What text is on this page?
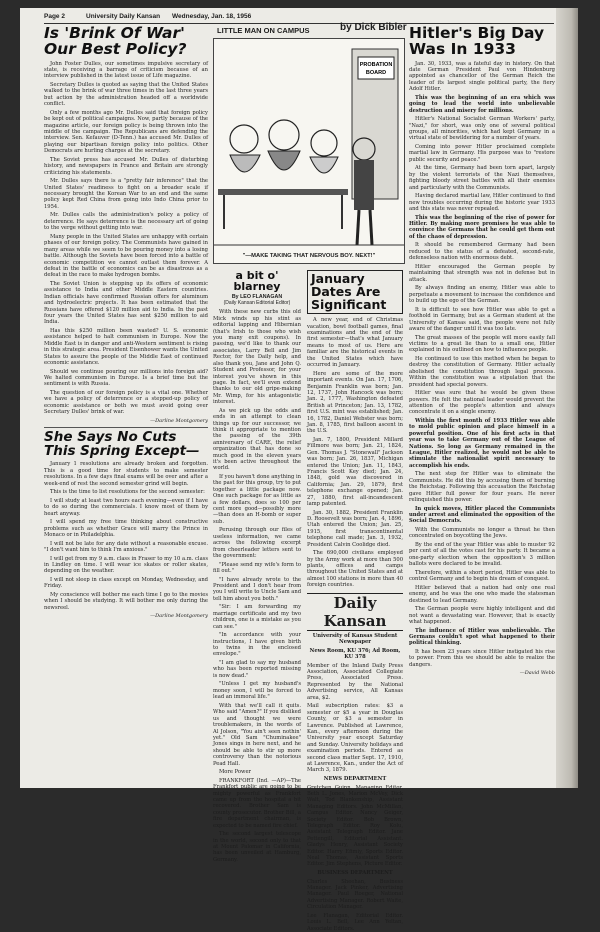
Page 2	University Daily Kansan Wednesday, Jan. 18, 1956
Is 'Brink Of War' Our Best Policy?

John Foster Dulles, our sometimes impulsive secretary of state, is receiving a barrage of criticism because of an interview published in the latest issue of Life magazine.

Secretary Dulles is quoted as saying that the United States walked to the brink of war three times in the last three years but action by the administration headed off a worldwide conflict.

Only a few months ago Mr. Dulles said that foreign policy be kept out of political campaigns. Now, partly because of the magazine article, our foreign policy is being thrown into the middle of the campaign. The Republicans are defending the interview. Sen. Kefauver (D-Tenn.) has accused Mr. Dulles of playing our bipartisan foreign policy into politics. Other Democrats are hurling charges at the secretary.

The Soviet press has accused Mr. Dulles of disturbing history, and newspapers in France and Britain are strongly criticizing his statements.

Mr. Dulles says there is a "pretty fair inference" that the United States' readiness to fight on a broader scale if necessary brought the Korean War to an end and the same policy kept Red China from going into Indo China prior to 1954.

Mr. Dulles calls the administration's policy a policy of deterrence. He says deterrence is the necessary art of going to the verge without getting into war.

Many people in the United States are unhappy with certain phases of our foreign policy. The Communists have gained in many areas while we seem to be pouring money into a losing battle. Although the Soviets have been forced into a battle of economic competition we cannot outlast them forever. A defeat in the battle of economics can be as disastrous as a defeat in the race to make hydrogen bombs.

The Soviet Union is stepping up its offers of economic assistance to India and other Middle Eastern countries. Indian officials have confirmed Russian offers for aluminum and hydroelectric projects. It has been estimated that the Russians have offered $120 million aid to India. In the past four years the United States has sent $250 million to aid India.

Has this $250 million been wasted? U. S. economic assistance helped to halt communism in Europe. Now the Middle East is in danger and anti-Western sentiment is rising in this strategic area. President Eisenhower wants the United States to assure the people of the Middle East of continued economic assistance.

Should we continue pouring our millions into foreign aid? We halted communism in Europe. Is a brief time but the sentiment is with Russia.

The question of our foreign policy is a vital one. Whether we have a policy of deterrence or a stepped-up policy of economic assistance or both we must avoid going over Secretary Dulles' brink of war.

—Darline Montgomery
She Says No Cuts This Spring Except—

January 1 resolutions are already broken and forgotten. This is a good time for students to make semester resolutions. In a few days final exams will be over and after a week-end of rest the second semester grind will begin.

This is the time to list resolutions for the second semester:

I will study at least two hours each evening—even if I have to do so during the commercials. I know most of them by heart anyway.

I will spend my free time thinking about constructive problems such as whether Grace will marry the Prince in Monaco or in Philadelphia.

I will not be late for any date without a reasonable excuse. "I don't want him to think I'm anxious."

I will get from my 9 a.m. class in Fraser to my 10 a.m. class in Lindley on time. I will wear ice skates or roller skates, depending on the weather.

I will not sleep in class except on Monday, Wednesday, and Friday.

My conscience will bother me each time I go to the movies when I should be studying. It will bother me only during the newsreel.

—Darline Montgomery
LITTLE MAN ON CAMPUS	by Dick Bibler
PROBATION
BOARD
"—MAKE TAKING THAT NERVOUS BOY. NEXT!"
a bit o' blarney
By LEO FLANAGAN
(Daily Kansan Editorial Editor)

With these new curbs this old Mick winds up his stint as editorial lapping and Hibernian (that's Irish to those who wish you many exit coupons). In passing, we'd like to thank our associates, Larry Bell and Jim Rector, for the Daily help, and also thank you, Jane and John Q. Student and Professor, for your interest you've shown in this page. In fact, we'll even extend thanks to our old gripe-making Mr. Wimp, for his antagonistic interest.

As we pick up the odds and ends in an attempt to clean things up for our successor, we think it appropriate to mention the passing of the 39th anniversary of CARE, the relief organization that has done so much good in the eleven years it's been active throughout the world.

If you haven't done anything in the past for this group, try to put together a little package now. One such package for as little as a few dollars, does so 100 per cent more good—possibly more—than does an H-bomb or super sub.

Perusing through our files of useless information, we came across the following excerpt from cheerleader letters sent to the government:

"Please send my wife's form to fill out."

"I have already wrote to the President and I don't hear from you I will write to Uncle Sam and tell him about you both."

"Sir: I am forwarding my marriage certificate and my two children, one is a mistake as you can see."

"In accordance with your instructions, I have given birth to twins in the enclosed envelope."

"I am glad to say my husband who has been reported missing is now dead."

"Unless I get my husband's money soon, I will be forced to lead an immoral life."

With that we'll call it quits. Who said "Amen?" If you disliked us and thought we were troublemakers, in the words of Al Jolson, "You ain't seen nothin' yet." Old Sam "Chuminakee" Jones sings in here next, and he should be able to stir up more controversy than the notorious Pead Hall.

More Power

FRANKFORT (Ind. —AP)—The Frankfort public are going to be mighty powerful as Frankfort came up from the hospital a bit recovered. Brother Sam is county prosecutor. Brother Bill, a fire department chairman, is expected to be named fire chief.

The second largest telescope in the world, second only to that at Mount Palomar in California, has been unveiled at Hamburg, Germany.

January Dates Are Significant

A new year, end of Christmas vacation, bowl football games, final examinations and the end of the first semester—that's what January means to most of us. Here are familiar are the historical events in the United States which have occurred in January.

Here are some of the more important events. On Jan. 17, 1706, Benjamin Franklin was born; Jan. 12, 1737, John Hancock was born; Jan. 2, 1777, Washington defeated British at Princeton; Jan. 13, 1782, first U.S. mint was established; Jan. 16, 1782, Daniel Webster was born; Jan. 8, 1785, first balloon ascent in the U.S.

Jan. 7, 1800, President Millard Fillmore was born; Jan. 21, 1824, Gen. Thomas J. "Stonewall" Jackson was born; Jan. 26, 1837, Michigan entered the Union; Jan. 11, 1843, Francis Scott Key died; Jan. 24, 1848, gold was discovered in California; Jan. 29, 1879, first telephone exchange opened; Jan. 27, 1880, first all-incandescent lamp patented.

Jan. 30, 1882, President Franklin D. Roosevelt was born; Jan. 4, 1896, Utah entered the Union; Jan. 25, 1915, first transcontinental telephone call made; Jan. 3, 1932, President Calvin Coolidge died.

The 690,000 civilians employed by the Army work at more than 500 plants, offices and camps throughout the United States and at almost 100 stations in more than 40 foreign countries.

Daily Kansan

University of Kansas Student Newspaper

News Room, KU 376; Ad Room, KU 378

Member of the Inland Daily Press Association, Associated Collegiate Press, Associated Press. Represented by the National Advertising service, All Kansas area, $2.

Mail subscription rates: $3 a semester or $5 a year in Douglas County, or $3 a semester in Lawrence. Published at Lawrence, Kan., every afternoon during the University year except Saturday and Sunday. University holidays and examination periods. Entered as second class matter Sept. 17, 1910, at Lawrence, Kan., under the Act of March 3, 1879.

NEWS DEPARTMENT

Gretchen Guinn, Managing Editor. Beth L. Jones, Marion McVey, Dick Walt, Tod Blankenship, Assistant Managing Editors. John McMillan, Campus Editor. Nancy Geiger, Society Editor. Bob Brown, Telegraph Editor. Roy Kolu, Assistant Telegraph Editor. Jane Pettengill, Editorial Assistant. Gladys Henry, Assistant Society Editor. Harry Efimiy, Sports Editor. Neal Thomas, Assistant Sports Editor. Jim Stephens, Picture Editor.

BUSINESS DEPARTMENT

Charles Sheehan, Business Manager. Jack Pinker, Advertising Manager. Paul Roeger, National Advertising Manager. Robert Waite, Circulation Manager.

Lee Flanagan, Editorial Editor. Louis L. Bell, Lee Ann Yeltan, Associate Editors.

Hitler's Big Day Was In 1933

Jan. 30, 1933, was a fateful day in history. On that date German President Paul von Hindenburg appointed as chancellor of the German Reich the leader of its largest single political party, the fiery Adolf Hitler.

This was the beginning of an era which was going to lead the world into unbelievable destruction and misery for millions.

Hitler's National Socialist German Workers' party, "Nazi," for short, was only one of several political groups, all minorities, which had kept Germany in a virtual state of bewildering for a number of years.

Coming into power Hitler proclaimed complete martial law in Germany. His purpose was to "restore public security and peace."

At the time, Germany had been torn apart, largely by the violent terrorists of the Nazi themselves, fighting bloody street battles with all their enemies and particularly with the Communists.

Having declared martial law, Hitler continued to find new troubles occurring during the historic year 1933 and this state was never repealed.

This was the beginning of the rise of power for Hitler. By making more promises he was able to convince the Germans that he could get them out of the chaos of depression.

It should be remembered Germany had been reduced to the status of a defeated, second-rate, defenseless nation with enormous debt.

Hitler encouraged the German people by maintaining that strength was not in defense but in attack.

By always finding an enemy, Hitler was able to perpetuate a movement to increase the confidence and to build up the ego of the German.

It is difficult to see how Hitler was able to get a foothold in Germany, but as a German student at the University of Kansas said, the people were not fully aware of the danger until it was too late.

The great masses of the people will more easily fall victims to a great lie than to a small one, Hitler explained in his outlined on how to influence people.

He continued to use this method when he began to destroy the constitution of Germany. Hitler actually abolished the constitution through legal process. Within the constitution was a stipulation that the president had special powers.

Hitler was sure that he would be given these powers. He felt the national leader would prevent the attention of the people's attention and always concentrate it on a single enemy.

Within the first month of 1933 Hitler was able to mold public opinion and place himself in a powerful position. One of his first acts in that year was to take Germany out of the League of Nations. So long as Germany remained in the League, Hitler realized, he would not be able to stimulate the nationalist spirit necessary to accomplish his ends.

The next step for Hitler was to eliminate the Communists. He did this by accusing them of burning the Reichstag. Following this accusation the Reichstag gave Hitler full power for four years. He never relinquished this power.

In quick moves, Hitler placed the Communists under arrest and eliminated the opposition of the Social Democrats.

With the Communists no longer a threat he then concentrated on boycotting the Jews.

By the end of the year Hitler was able to muster 92 per cent of all the votes cast for his party. It became a one-party election when the opposition's 3 million ballots were declared to be invalid.

Therefore, within a short period, Hitler was able to control Germany and to begin his dream of conquest.

Hitler believed that a nation had only one real enemy, and he was the one who made the statesman destined to lead Germany.

The German people were highly intelligent and did not want a devastating war. However, that is exactly what happened.

The influence of Hitler was unbelievable. The Germans couldn't spot what happened to their political thinking.

It has been 23 years since Hitler instigated his rise to power. From this we should be able to realize the dangers.

—David Webb
